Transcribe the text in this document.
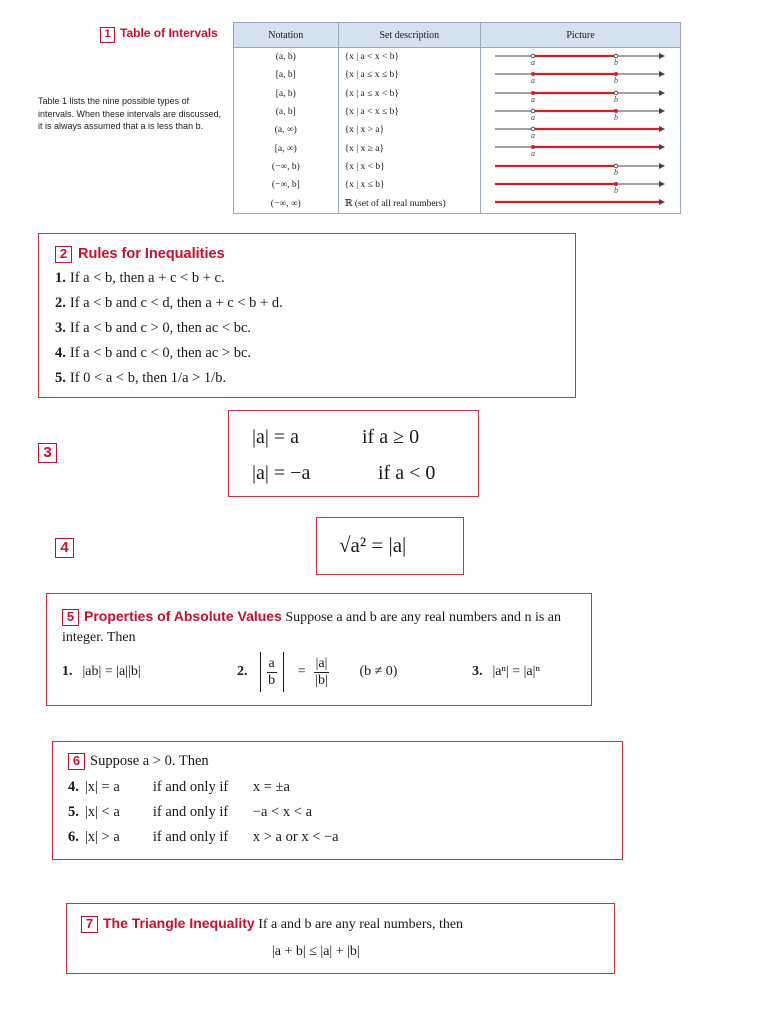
1 Table of Intervals
Table 1 lists the nine possible types of intervals. When these intervals are discussed, it is always assumed that a is less than b.
Notation	Set description	Picture
(a, b)	{x | a < x < b}	a b

[a, b]	{x | a ≤ x ≤ b}	a b

[a, b)	{x | a ≤ x < b}	a b

(a, b]	{x | a < x ≤ b}	a b

(a, ∞)	{x | x > a}	a

[a, ∞)	{x | x ≥ a}	a

(−∞, b)	{x | x < b}	b

(−∞, b]	{x | x ≤ b}	b

(−∞, ∞)	ℝ (set of all real numbers)	
2 Rules for Inequalities
1. If a < b, then a + c < b + c.
2. If a < b and c < d, then a + c < b + d.
3. If a < b and c > 0, then ac < bc.
4. If a < b and c < 0, then ac > bc.
5. If 0 < a < b, then 1/a > 1/b.
3
|a| = a	if a ≥ 0
|a| = −a	if a < 0
4	√a² = |a|
5 Properties of Absolute Values Suppose a and b are any real numbers and n is an integer. Then
1. |ab| = |a||b|	2. $\frac{a}{b} = \frac{|a|}{|b|} (b \ne 0)$	3. |aⁿ| = |a|ⁿ
6 Suppose a > 0. Then
4. |x| = a if and only if x = ±a
5. |x| < a if and only if −a < x < a
6. |x| > a if and only if x > a or x < −a
7 The Triangle Inequality If a and b are any real numbers, then
|a + b| ≤ |a| + |b|
